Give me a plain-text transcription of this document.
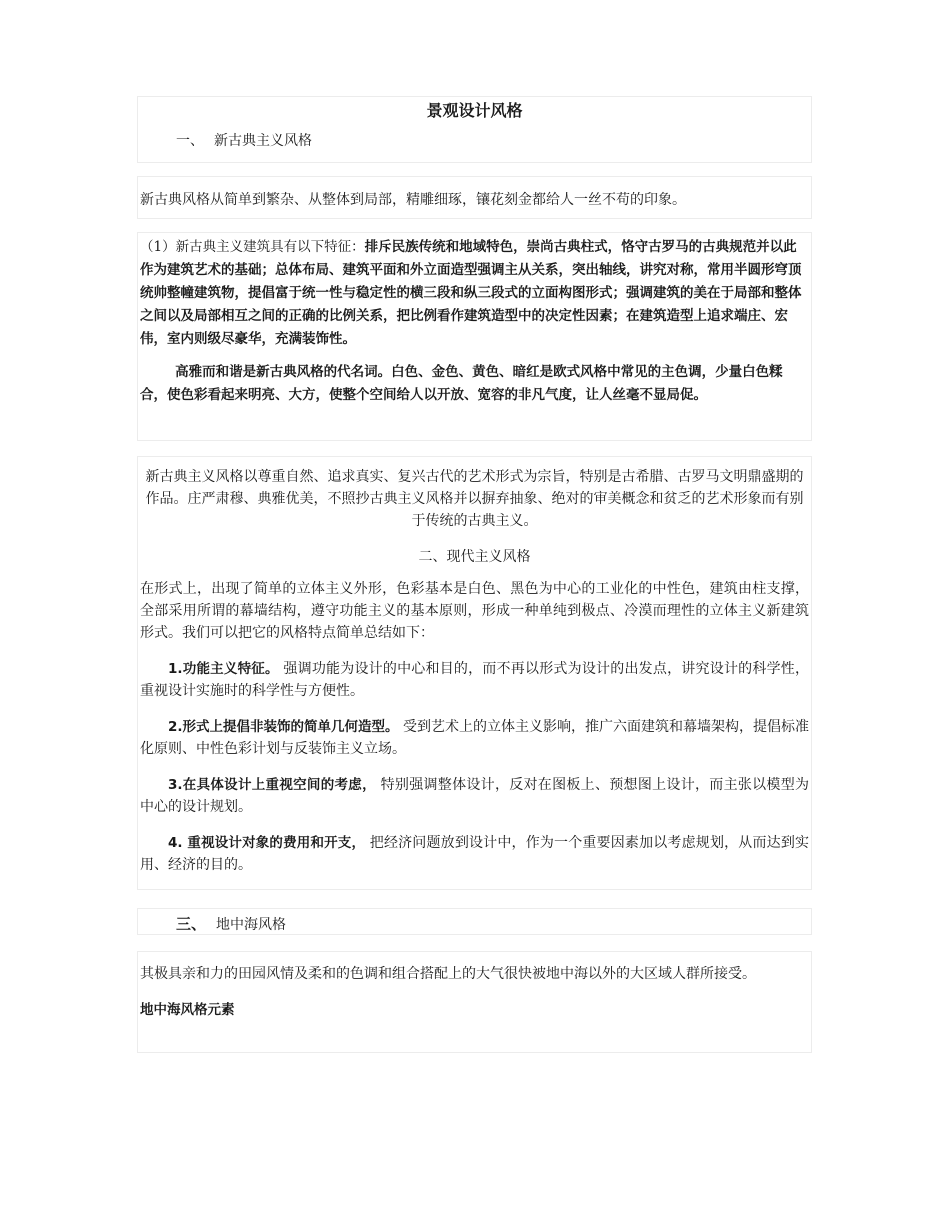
景观设计风格
一、 新古典主义风格

新古典风格从简单到繁杂、从整体到局部，精雕细琢，镶花刻金都给人一丝不苟的印象。

（1）新古典主义建筑具有以下特征：排斥民族传统和地域特色，崇尚古典柱式，恪守古罗马的古典规范并以此作为建筑艺术的基础；总体布局、建筑平面和外立面造型强调主从关系，突出轴线，讲究对称，常用半圆形穹顶统帅整幢建筑物，提倡富于统一性与稳定性的横三段和纵三段式的立面构图形式；强调建筑的美在于局部和整体之间以及局部相互之间的正确的比例关系，把比例看作建筑造型中的决定性因素；在建筑造型上追求端庄、宏伟，室内则级尽豪华，充满装饰性。

高雅而和谐是新古典风格的代名词。白色、金色、黄色、暗红是欧式风格中常见的主色调，少量白色糅合，使色彩看起来明亮、大方，使整个空间给人以开放、宽容的非凡气度，让人丝毫不显局促。

新古典主义风格以尊重自然、追求真实、复兴古代的艺术形式为宗旨，特别是古希腊、古罗马文明鼎盛期的作品。庄严肃穆、典雅优美，不照抄古典主义风格并以摒弃抽象、绝对的审美概念和贫乏的艺术形象而有别于传统的古典主义。

二、现代主义风格

在形式上，出现了简单的立体主义外形，色彩基本是白色、黑色为中心的工业化的中性色，建筑由柱支撑，全部采用所谓的幕墙结构，遵守功能主义的基本原则，形成一种单纯到极点、冷漠而理性的立体主义新建筑形式。我们可以把它的风格特点简单总结如下：

1.功能主义特征。 强调功能为设计的中心和目的，而不再以形式为设计的出发点，讲究设计的科学性，重视设计实施时的科学性与方便性。

2.形式上提倡非装饰的简单几何造型。 受到艺术上的立体主义影响，推广六面建筑和幕墙架构，提倡标准化原则、中性色彩计划与反装饰主义立场。

3.在具体设计上重视空间的考虑， 特别强调整体设计，反对在图板上、预想图上设计，而主张以模型为中心的设计规划。

4. 重视设计对象的费用和开支， 把经济问题放到设计中，作为一个重要因素加以考虑规划，从而达到实用、经济的目的。

三、 地中海风格

其极具亲和力的田园风情及柔和的色调和组合搭配上的大气很快被地中海以外的大区域人群所接受。

地中海风格元素
